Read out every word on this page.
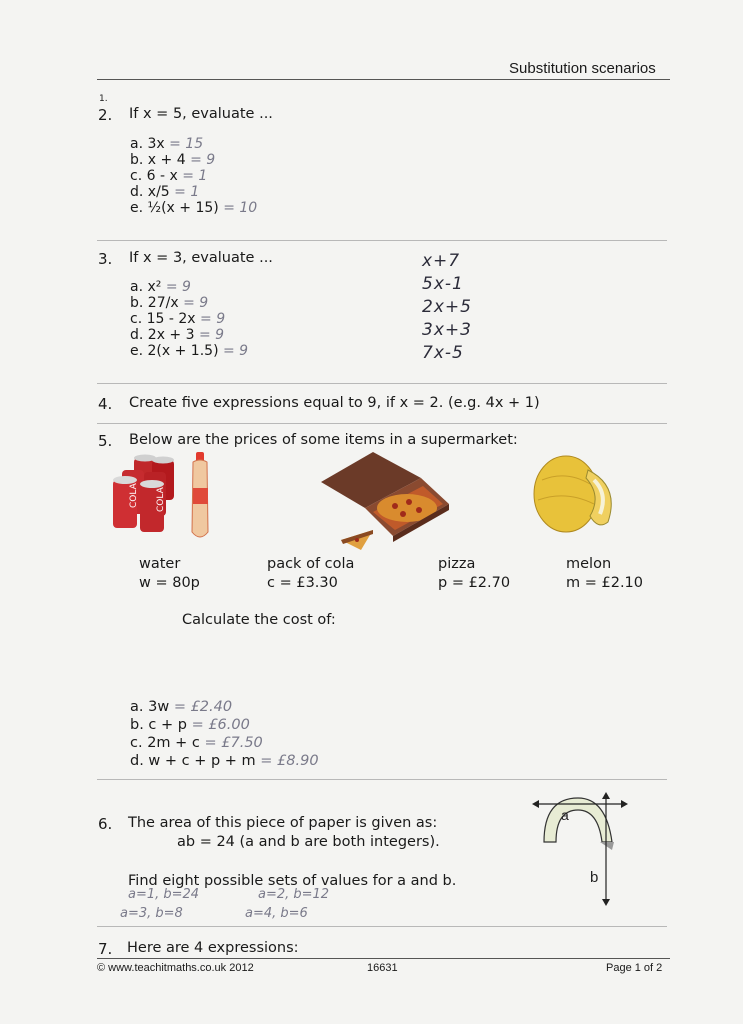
Substitution scenarios
1.
2. If x = 5, evaluate ...
a. 3x = 15
b. x + 4 = 9
c. 6 - x = 1
d. x/5 = 1
e. ½(x + 15) = 10
3. If x = 3, evaluate ...
a. x² = 9
b. 27/x = 9
c. 15 - 2x = 9
d. 2x + 3 = 9
e. 2(x + 1.5) = 9
x+7
5x-1
2x+5
3x+3
7x-5
4. Create five expressions equal to 9, if x = 2. (e.g. 4x + 1)
5. Below are the prices of some items in a supermarket:
COLA COLA
water
w = 80p
pack of cola
c = £3.30
pizza
p = £2.70
melon
m = £2.10
Calculate the cost of:
a. 3w = £2.40
b. c + p = £6.00
c. 2m + c = £7.50
d. w + c + p + m = £8.90
6. The area of this piece of paper is given as:
ab = 24 (a and b are both integers).
Find eight possible sets of values for a and b.
a=1, b=24	a=2, b=12
a=3, b=8	a=4, b=6
a
b
7. Here are 4 expressions:
© www.teachitmaths.co.uk 2012	16631	Page 1 of 2
